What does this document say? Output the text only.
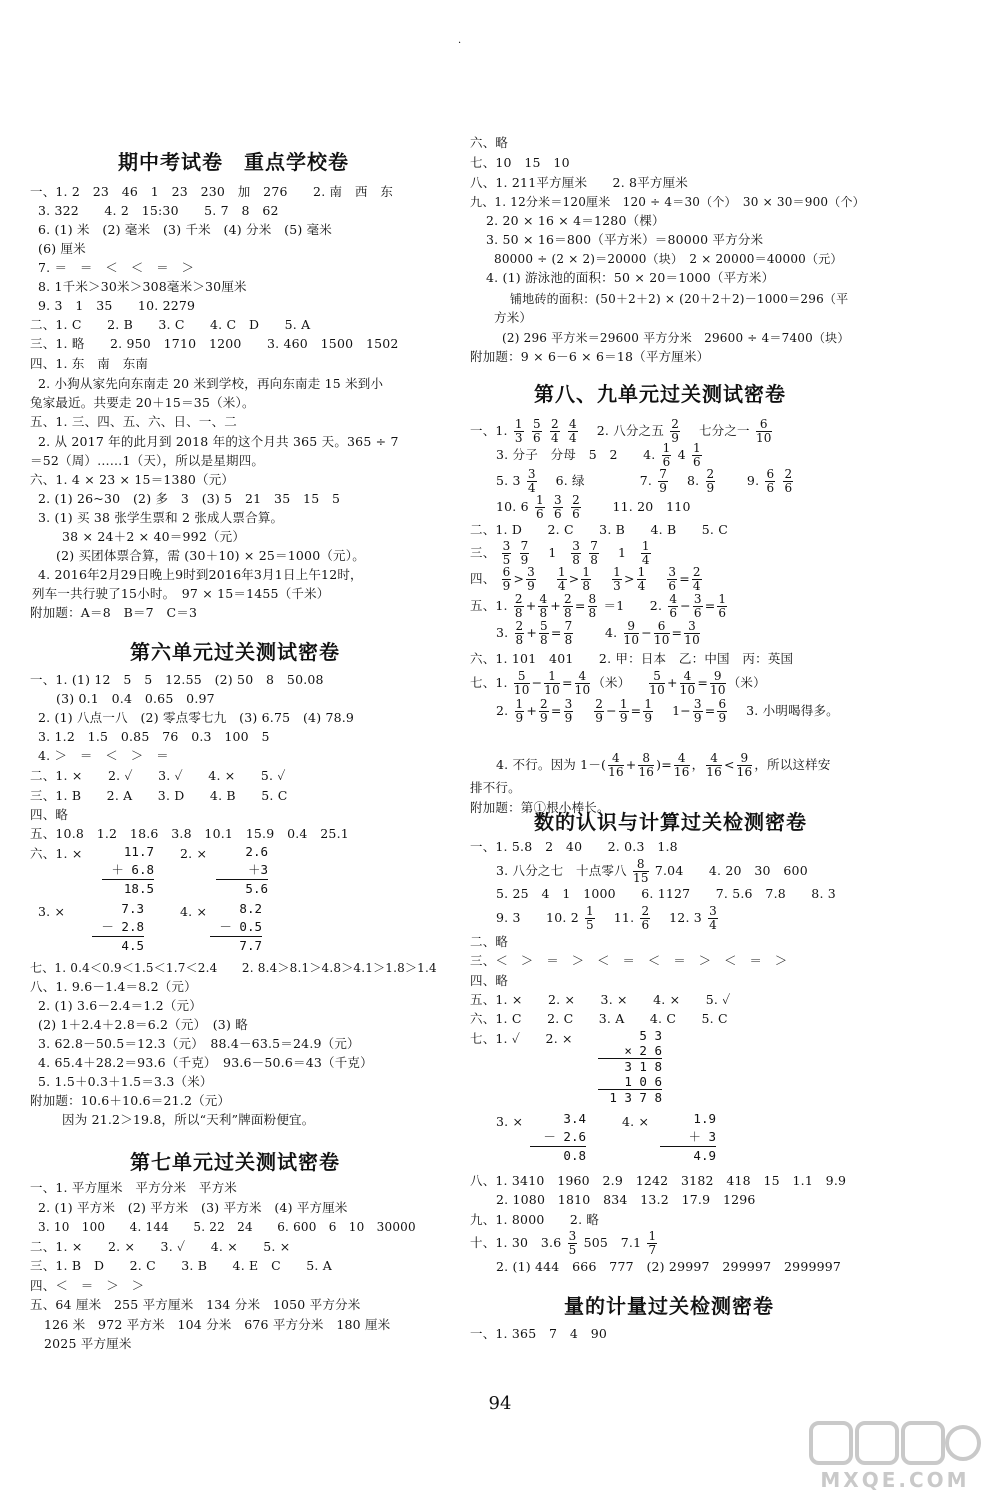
·
期中考试卷　重点学校卷
一、1. 2　23　46　1　23　230　加　276　　2. 南　西　东
3. 322　　4. 2　15:30　　5. 7　8　62
6. (1) 米　(2) 毫米　(3) 千米　(4) 分米　(5) 毫米
(6) 厘米
7. ＝　＝　＜　＜　＝　＞
8. 1千米＞30米＞308毫米＞30厘米
9. 3　1　35　　10. 2279
二、1. C　　2. B　　3. C　　4. C　D　　5. A
三、1. 略　　2. 950　1710　1200　　3. 460　1500　1502
四、1. 东　南　东南
2. 小狗从家先向东南走 20 米到学校，再向东南走 15 米到小
兔家最近。共要走 20＋15＝35（米）。
五、1. 三、四、五、六、日、一、二
2. 从 2017 年的此月到 2018 年的这个月共 365 天。365 ÷ 7
＝52（周）……1（天），所以是星期四。
六、1. 4 × 23 × 15＝1380（元）
2. (1) 26~30　(2) 多　3　(3) 5　21　35　15　5
3. (1) 买 38 张学生票和 2 张成人票合算。
38 × 24＋2 × 40＝992（元）
(2) 买团体票合算，需 (30＋10) × 25＝1000（元）。
4. 2016年2月29日晚上9时到2016年3月1日上午12时，
列车一共行驶了15小时。　97 × 15＝1455（千米）
附加题：A＝8　B＝7　C＝3
第六单元过关测试密卷
一、1. (1) 12　5　5　12.55　(2) 50　8　50.08
(3) 0.1　0.4　0.65　0.97
2. (1) 八点一八　(2) 零点零七九　(3) 6.75　(4) 78.9
3. 1.2　1.5　0.85　76　0.3　100　5
4. ＞　＝　＜　＞　＝
二、1. ×　　2. ✓　　3. ✓　　4. ×　　5. ✓
三、1. B　　2. A　　3. D　　4. B　　5. C
四、略
五、10.8　1.2　18.6　3.8　10.1　15.9　0.4　25.1
六、1. ×	11.7
＋ 6.8
18.5
2. ×	2.6
＋3
5.6
3. ×	7.3
－ 2.8
4.5
4. ×	8.2
－ 0.5
7.7
七、1. 0.4＜0.9＜1.5＜1.7＜2.4　　2. 8.4＞8.1＞4.8＞4.1＞1.8＞1.4
八、1. 9.6－1.4＝8.2（元）
2. (1) 3.6－2.4＝1.2（元）
(2) 1＋2.4＋2.8＝6.2（元）　(3) 略
3. 62.8－50.5＝12.3（元）　88.4－63.5＝24.9（元）
4. 65.4＋28.2＝93.6（千克）　93.6－50.6＝43（千克）
5. 1.5＋0.3＋1.5＝3.3（米）
附加题：10.6＋10.6＝21.2（元）
因为 21.2＞19.8，所以“天利”牌面粉便宜。
第七单元过关测试密卷
一、1. 平方厘米　平方分米　平方米
2. (1) 平方米　(2) 平方米　(3) 平方米　(4) 平方厘米
3. 10　100　　4. 144　　5. 22　24　　6. 600　6　10　30000
二、1. ×　　2. ×　　3. ✓　　4. ×　　5. ×
三、1. B　D　　2. C　　3. B　　4. E　C　　5. A
四、＜　＝　＞　＞
五、64 厘米　255 平方厘米　134 分米　1050 平方分米
126 米　972 平方米　104 分米　676 平方分米　180 厘米
2025 平方厘米
六、略
七、10　15　10
八、1. 211平方厘米　　2. 8平方厘米
九、1. 12分米＝120厘米　120 ÷ 4＝30（个）　30 × 30＝900（个）
2. 20 × 16 × 4＝1280（棵）
3. 50 × 16＝800（平方米）＝80000 平方分米
80000 ÷ (2 × 2)＝20000（块）　2 × 20000＝40000（元）
4. (1) 游泳池的面积：50 × 20＝1000（平方米）
铺地砖的面积：(50＋2＋2) × (20＋2＋2)－1000＝296（平
方米）
(2) 296 平方米＝29600 平方分米　29600 ÷ 4＝7400（块）
附加题：9 × 6－6 × 6＝18（平方厘米）
第八、九单元过关测试密卷
一、1. $\frac{1}{3}$
$\frac{5}{6}$
$\frac{2}{4}$
$\frac{4}{4}$
　 2. 八分之五 $\frac{2}{9}$
　 七分之一 $\frac{6}{10}$
3. 分子　分母　5　2　　4. $\frac{1}{6} 4 \frac{1}{6}$
5. $3 \frac{3}{4}$
　 6. 绿 　　　　	7. $\frac{7}{9}$
　 8. $\frac{2}{9}$
　　	9. $\frac{6}{6}$
$\frac{2}{6}$
10. $6 \frac{1}{6}$
$\frac{3}{6}$
$\frac{2}{6}$
　　	11. 20　110
二、1. D　　2. C　　3. B　　4. B　　5. C
三、 $\frac{3}{5}$
$\frac{7}{9}$ 　1　 $\frac{3}{8}$
$\frac{7}{8}$ 　1　 $\frac{1}{4}$
四、 $\frac{6}{9} > \frac{3}{9}$
　 $\frac{1}{4} > \frac{1}{8}$
　 $\frac{1}{3} > \frac{1}{4}$
　 $\frac{3}{6} = \frac{2}{4}$
五、1. $\frac{2}{8} + \frac{4}{8} + \frac{2}{8} = \frac{8}{8} =1$　　2. $\frac{4}{6} - \frac{3}{6} = \frac{1}{6}$
3. $\frac{2}{8} + \frac{5}{8} = \frac{7}{8}$
　　	4. $\frac{9}{10} - \frac{6}{10} = \frac{3}{10}$
六、1. 101　401　　2. 甲：日本　乙：中国　丙：英国
七、1. $\frac{5}{10} - \frac{1}{10} = \frac{4}{10}$ （米） 　 $\frac{5}{10} + \frac{4}{10} = \frac{9}{10}$ （米）
2. $\frac{1}{9} + \frac{2}{9} = \frac{3}{9}$
　 $\frac{2}{9} - \frac{1}{9} = \frac{1}{9}$ 　$1- \frac{3}{9} = \frac{6}{9}$
　 3. 小明喝得多。
4. 不行。因为 $1-( \frac{4}{16} + \frac{8}{16}$ )= $\frac{4}{16}$ ， $\frac{4}{16} < \frac{9}{16}$ ，所以这样安
排不行。
附加题：第①根小棒长。
数的认识与计算过关检测密卷
一、1. 5.8　2　40　　2. 0.3　1.8
3. 八分之七　十点零八 $\frac{8}{15} 7.04$　　4. 20　30　600
5. 25　4　1　1000　　6. 1127　　7. 5.6　7.8　　8. 3
9. 3　　10. $2 \frac{1}{5}$
　 11. $\frac{2}{6}$
　 12. $3 \frac{3}{4}$
二、略
三、＜　＞　＝　＞　＜　＝　＜　＝　＞　＜　＝　＞
四、略
五、1. ×　　2. ×　　3. ×　　4. ×　　5. ✓
六、1. C　　2. C　　3. A　　4. C　　5. C
七、1. ✓　　2. ×	5 3
× 2 6
3 1 8
1 0 6
1 3 7 8
3. ×	3.4
－ 2.6
0.8
4. ×	1.9
＋ 3
4.9
八、1. 3410　1960　2.9　1242　3182　418　15　1.1　9.9
2. 1080　1810　834　13.2　17.9　1296
九、1. 8000　　2. 略
十、1. 30　$3.6 \frac{3}{5} 505$　$7.1 \frac{1}{7}$
2. (1) 444　666　777　(2) 29997　299997　2999997
量的计量过关检测密卷
一、1. 365　7　4　90
94
MXQE.COM
